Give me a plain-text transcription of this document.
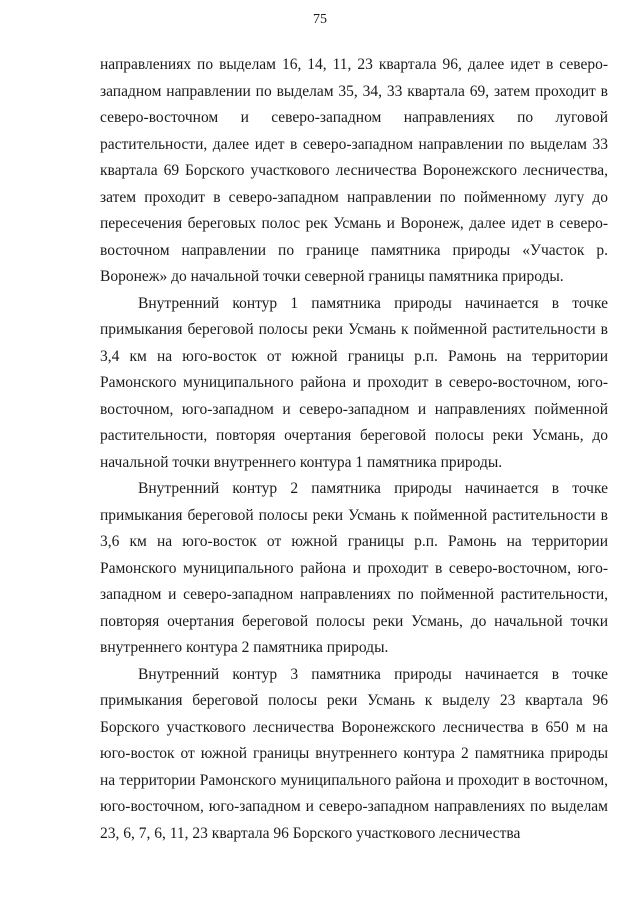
75

направлениях по выделам 16, 14, 11, 23 квартала 96, далее идет в северо-западном направлении по выделам 35, 34, 33 квартала 69, затем проходит в северо-восточном и северо-западном направлениях по луговой растительности, далее идет в северо-западном направлении по выделам 33 квартала 69 Борского участкового лесничества Воронежского лесничества, затем проходит в северо-западном направлении по пойменному лугу до пересечения береговых полос рек Усмань и Воронеж, далее идет в северо-восточном направлении по границе памятника природы «Участок р. Воронеж» до начальной точки северной границы памятника природы.

Внутренний контур 1 памятника природы начинается в точке примыкания береговой полосы реки Усмань к пойменной растительности в 3,4 км на юго-восток от южной границы р.п. Рамонь на территории Рамонского муниципального района и проходит в северо-восточном, юго-восточном, юго-западном и северо-западном и направлениях пойменной растительности, повторяя очертания береговой полосы реки Усмань, до начальной точки внутреннего контура 1 памятника природы.

Внутренний контур 2 памятника природы начинается в точке примыкания береговой полосы реки Усмань к пойменной растительности в 3,6 км на юго-восток от южной границы р.п. Рамонь на территории Рамонского муниципального района и проходит в северо-восточном, юго-западном и северо-западном направлениях по пойменной растительности, повторяя очертания береговой полосы реки Усмань, до начальной точки внутреннего контура 2 памятника природы.

Внутренний контур 3 памятника природы начинается в точке примыкания береговой полосы реки Усмань к выделу 23 квартала 96 Борского участкового лесничества Воронежского лесничества в 650 м на юго-восток от южной границы внутреннего контура 2 памятника природы на территории Рамонского муниципального района и проходит в восточном, юго-восточном, юго-западном и северо-западном направлениях по выделам 23, 6, 7, 6, 11, 23 квартала 96 Борского участкового лесничества
